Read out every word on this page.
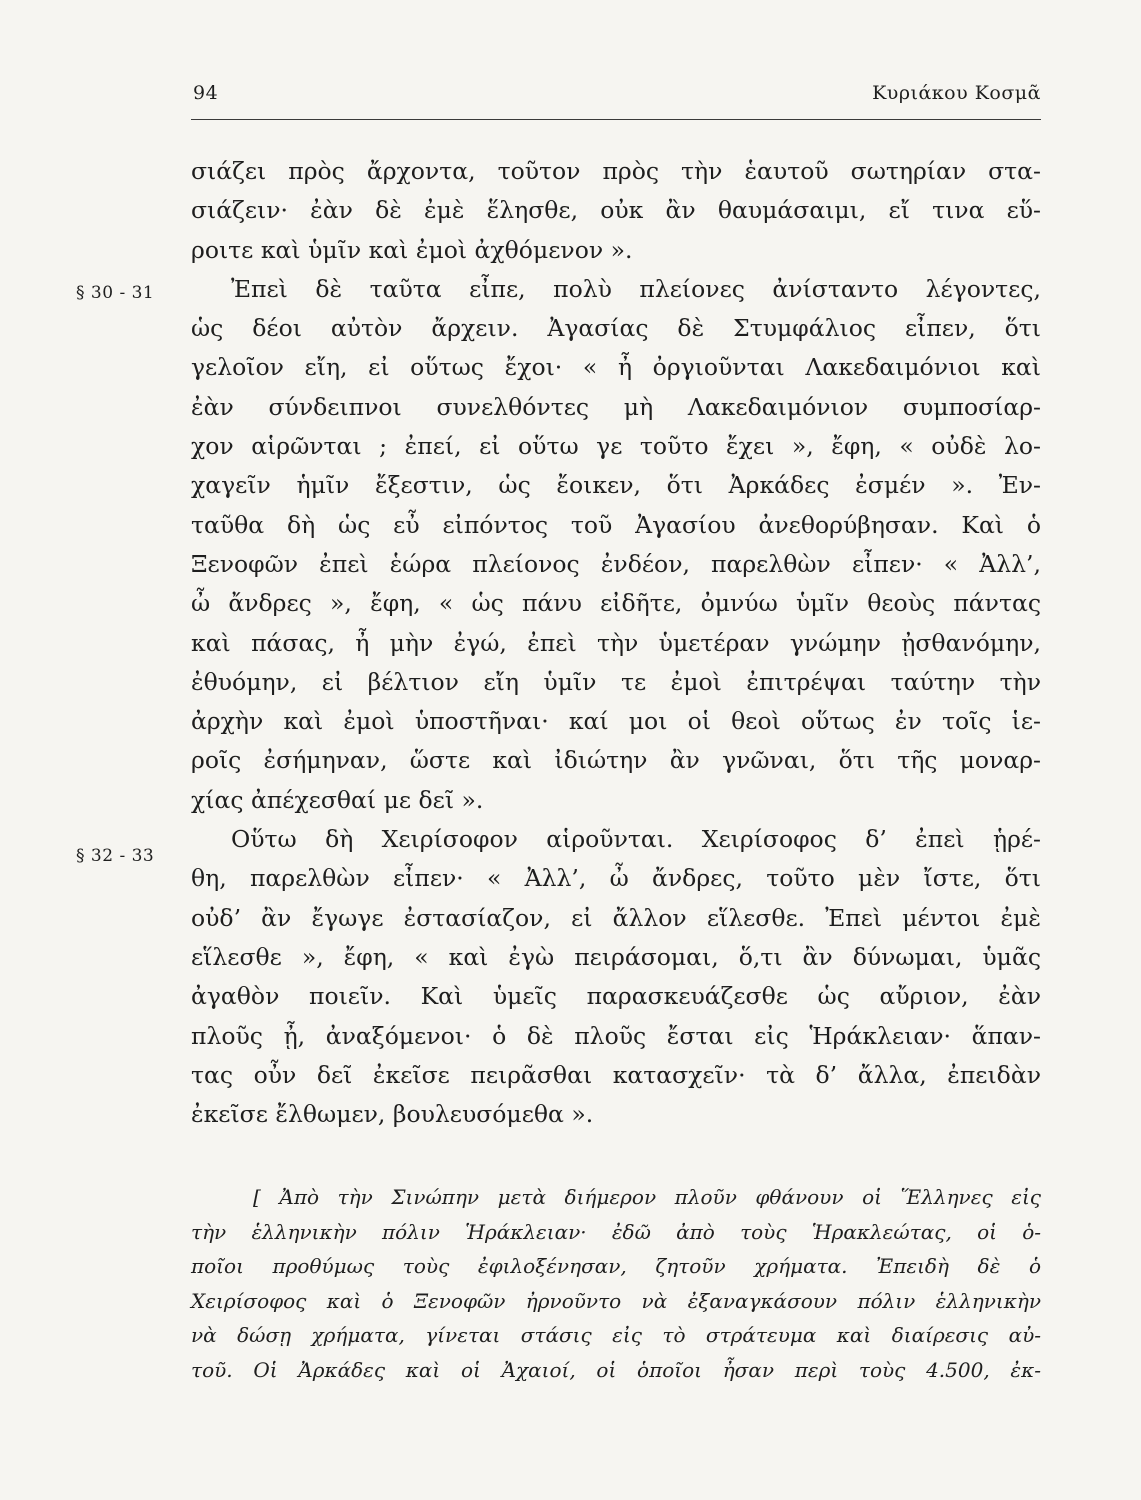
94	Κυριάκου Κοσμᾶ
§ 30 - 31
§ 32 - 33
σιάζει πρὸς ἄρχοντα, τοῦτον πρὸς τὴν ἑαυτοῦ σωτηρίαν στα-
σιάζειν· ἐὰν δὲ ἐμὲ ἕλησθε, οὐκ ἂν θαυμάσαιμι, εἴ τινα εὕ-
ροιτε καὶ ὑμῖν καὶ ἐμοὶ ἀχθόμενον ».
Ἐπεὶ δὲ ταῦτα εἶπε, πολὺ πλείονες ἀνίσταντο λέγοντες,
ὡς δέοι αὐτὸν ἄρχειν. Ἀγασίας δὲ Στυμφάλιος εἶπεν, ὅτι
γελοῖον εἴη, εἰ οὕτως ἔχοι· « ἦ ὀργιοῦνται Λακεδαιμόνιοι καὶ
ἐὰν σύνδειπνοι συνελθόντες μὴ Λακεδαιμόνιον συμποσίαρ-
χον αἱρῶνται ; ἐπεί, εἰ οὕτω γε τοῦτο ἔχει », ἔφη, « οὐδὲ λο-
χαγεῖν ἡμῖν ἔξεστιν, ὡς ἔοικεν, ὅτι Ἀρκάδες ἐσμέν ». Ἐν-
ταῦθα δὴ ὡς εὖ εἰπόντος τοῦ Ἀγασίου ἀνεθορύβησαν. Καὶ ὁ
Ξενοφῶν ἐπεὶ ἑώρα πλείονος ἐνδέον, παρελθὼν εἶπεν· « Ἀλλ’,
ὦ ἄνδρες », ἔφη, « ὡς πάνυ εἰδῆτε, ὀμνύω ὑμῖν θεοὺς πάντας
καὶ πάσας, ἦ μὴν ἐγώ, ἐπεὶ τὴν ὑμετέραν γνώμην ᾐσθανόμην,
ἐθυόμην, εἰ βέλτιον εἴη ὑμῖν τε ἐμοὶ ἐπιτρέψαι ταύτην τὴν
ἀρχὴν καὶ ἐμοὶ ὑποστῆναι· καί μοι οἱ θεοὶ οὕτως ἐν τοῖς ἱε-
ροῖς ἐσήμηναν, ὥστε καὶ ἰδιώτην ἂν γνῶναι, ὅτι τῆς μοναρ-
χίας ἀπέχεσθαί με δεῖ ».
Οὕτω δὴ Χειρίσοφον αἱροῦνται. Χειρίσοφος δ’ ἐπεὶ ᾑρέ-
θη, παρελθὼν εἶπεν· « Ἀλλ’, ὦ ἄνδρες, τοῦτο μὲν ἴστε, ὅτι
οὐδ’ ἂν ἔγωγε ἐστασίαζον, εἰ ἄλλον εἵλεσθε. Ἐπεὶ μέντοι ἐμὲ
εἵλεσθε », ἔφη, « καὶ ἐγὼ πειράσομαι, ὅ,τι ἂν δύνωμαι, ὑμᾶς
ἀγαθὸν ποιεῖν. Καὶ ὑμεῖς παρασκευάζεσθε ὡς αὔριον, ἐὰν
πλοῦς ᾖ, ἀναξόμενοι· ὁ δὲ πλοῦς ἔσται εἰς Ἡράκλειαν· ἅπαν-
τας οὖν δεῖ ἐκεῖσε πειρᾶσθαι κατασχεῖν· τὰ δ’ ἄλλα, ἐπειδὰν
ἐκεῖσε ἔλθωμεν, βουλευσόμεθα ».
[ Ἀπὸ τὴν Σινώπην μετὰ διήμερον πλοῦν φθάνουν οἱ Ἕλληνες εἰς
τὴν ἑλληνικὴν πόλιν Ἡράκλειαν· ἐδῶ ἀπὸ τοὺς Ἡρακλεώτας, οἱ ὁ-
ποῖοι προθύμως τοὺς ἐφιλοξένησαν, ζητοῦν χρήματα. Ἐπειδὴ δὲ ὁ
Χειρίσοφος καὶ ὁ Ξενοφῶν ἠρνοῦντο νὰ ἐξαναγκάσουν πόλιν ἑλληνικὴν
νὰ δώσῃ χρήματα, γίνεται στάσις εἰς τὸ στράτευμα καὶ διαίρεσις αὐ-
τοῦ. Οἱ Ἀρκάδες καὶ οἱ Ἀχαιοί, οἱ ὁποῖοι ἦσαν περὶ τοὺς 4.500, ἐκ-
